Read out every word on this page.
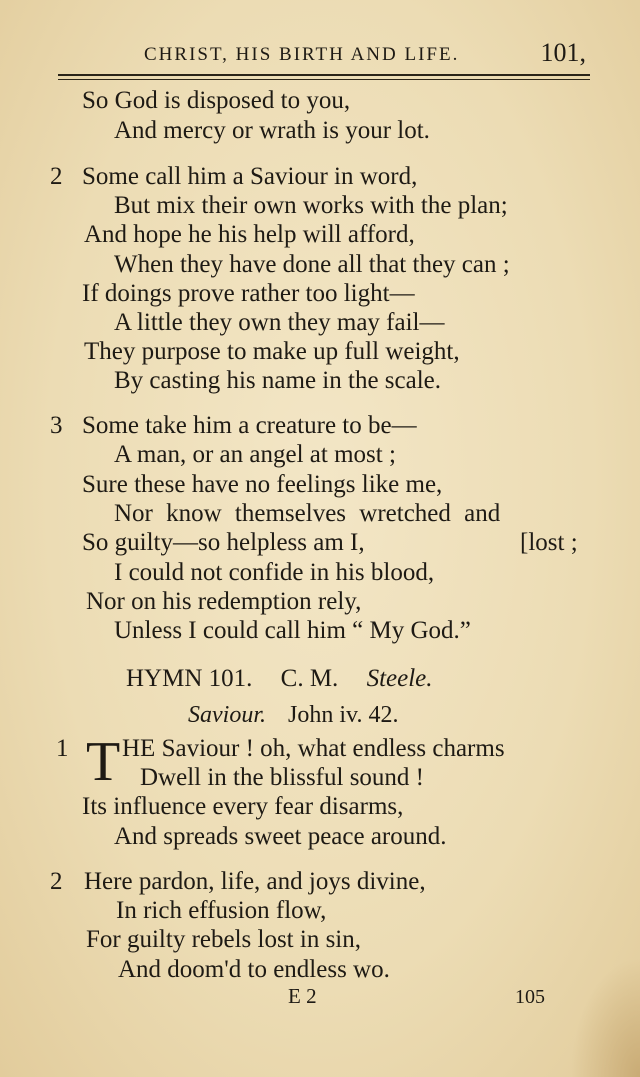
CHRIST, HIS BIRTH AND LIFE.	101,
So God is disposed to you,
And mercy or wrath is your lot.
2 Some call him a Saviour in word,
But mix their own works with the plan;
And hope he his help will afford,
When they have done all that they can ;
If doings prove rather too light—
A little they own they may fail—
They purpose to make up full weight,
By casting his name in the scale.
3 Some take him a creature to be—
A man, or an angel at most ;
Sure these have no feelings like me,
Nor know themselves wretched and
So guilty—so helpless am I,	[lost ;
I could not confide in his blood,
Nor on his redemption rely,
Unless I could call him “ My God.”
HYMN 101. C. M. Steele.
Saviour. John iv. 42.
1 T HE Saviour ! oh, what endless charms
Dwell in the blissful sound !
Its influence every fear disarms,
And spreads sweet peace around.
2 Here pardon, life, and joys divine,
In rich effusion flow,
For guilty rebels lost in sin,
And doom'd to endless wo.
E 2	105
